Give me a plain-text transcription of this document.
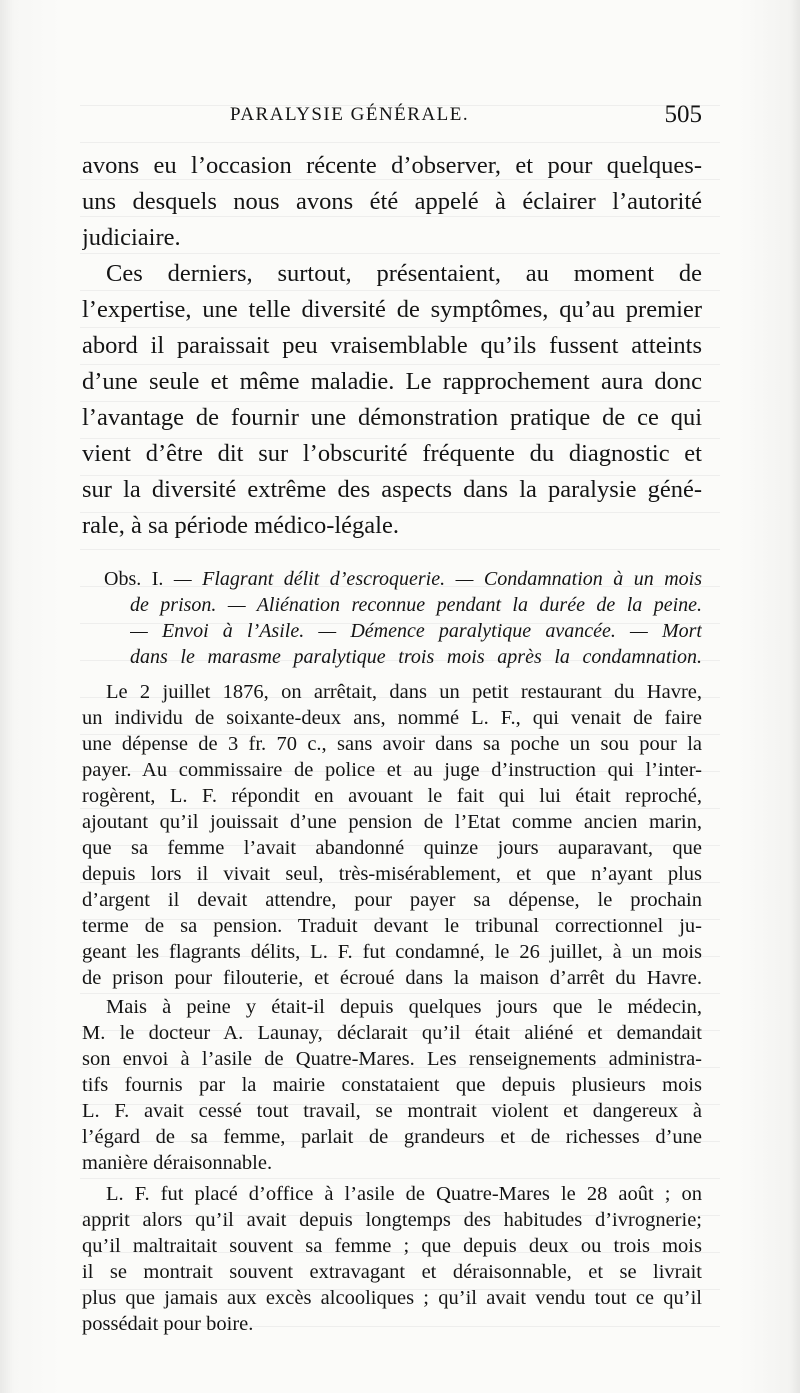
PARALYSIE GÉNÉRALE.	505
avons eu l’occasion récente d’observer, et pour quelques-
uns desquels nous avons été appelé à éclairer l’autorité
judiciaire.
Ces derniers, surtout, présentaient, au moment de
l’expertise, une telle diversité de symptômes, qu’au premier
abord il paraissait peu vraisemblable qu’ils fussent atteints
d’une seule et même maladie. Le rapprochement aura donc
l’avantage de fournir une démonstration pratique de ce qui
vient d’être dit sur l’obscurité fréquente du diagnostic et
sur la diversité extrême des aspects dans la paralysie géné-
rale, à sa période médico-légale.
Obs. I. — Flagrant délit d’escroquerie. — Condamnation à un mois
de prison. — Aliénation reconnue pendant la durée de la peine.
— Envoi à l’Asile. — Démence paralytique avancée. — Mort
dans le marasme paralytique trois mois après la condamnation.
Le 2 juillet 1876, on arrêtait, dans un petit restaurant du Havre,
un individu de soixante-deux ans, nommé L. F., qui venait de faire
une dépense de 3 fr. 70 c., sans avoir dans sa poche un sou pour la
payer. Au commissaire de police et au juge d’instruction qui l’inter-
rogèrent, L. F. répondit en avouant le fait qui lui était reproché,
ajoutant qu’il jouissait d’une pension de l’Etat comme ancien marin,
que sa femme l’avait abandonné quinze jours auparavant, que
depuis lors il vivait seul, très-misérablement, et que n’ayant plus
d’argent il devait attendre, pour payer sa dépense, le prochain
terme de sa pension. Traduit devant le tribunal correctionnel ju-
geant les flagrants délits, L. F. fut condamné, le 26 juillet, à un mois
de prison pour filouterie, et écroué dans la maison d’arrêt du Havre.
Mais à peine y était-il depuis quelques jours que le médecin,
M. le docteur A. Launay, déclarait qu’il était aliéné et demandait
son envoi à l’asile de Quatre-Mares. Les renseignements administra-
tifs fournis par la mairie constataient que depuis plusieurs mois
L. F. avait cessé tout travail, se montrait violent et dangereux à
l’égard de sa femme, parlait de grandeurs et de richesses d’une
manière déraisonnable.
L. F. fut placé d’office à l’asile de Quatre-Mares le 28 août ; on
apprit alors qu’il avait depuis longtemps des habitudes d’ivrognerie;
qu’il maltraitait souvent sa femme ; que depuis deux ou trois mois
il se montrait souvent extravagant et déraisonnable, et se livrait
plus que jamais aux excès alcooliques ; qu’il avait vendu tout ce qu’il
possédait pour boire.
